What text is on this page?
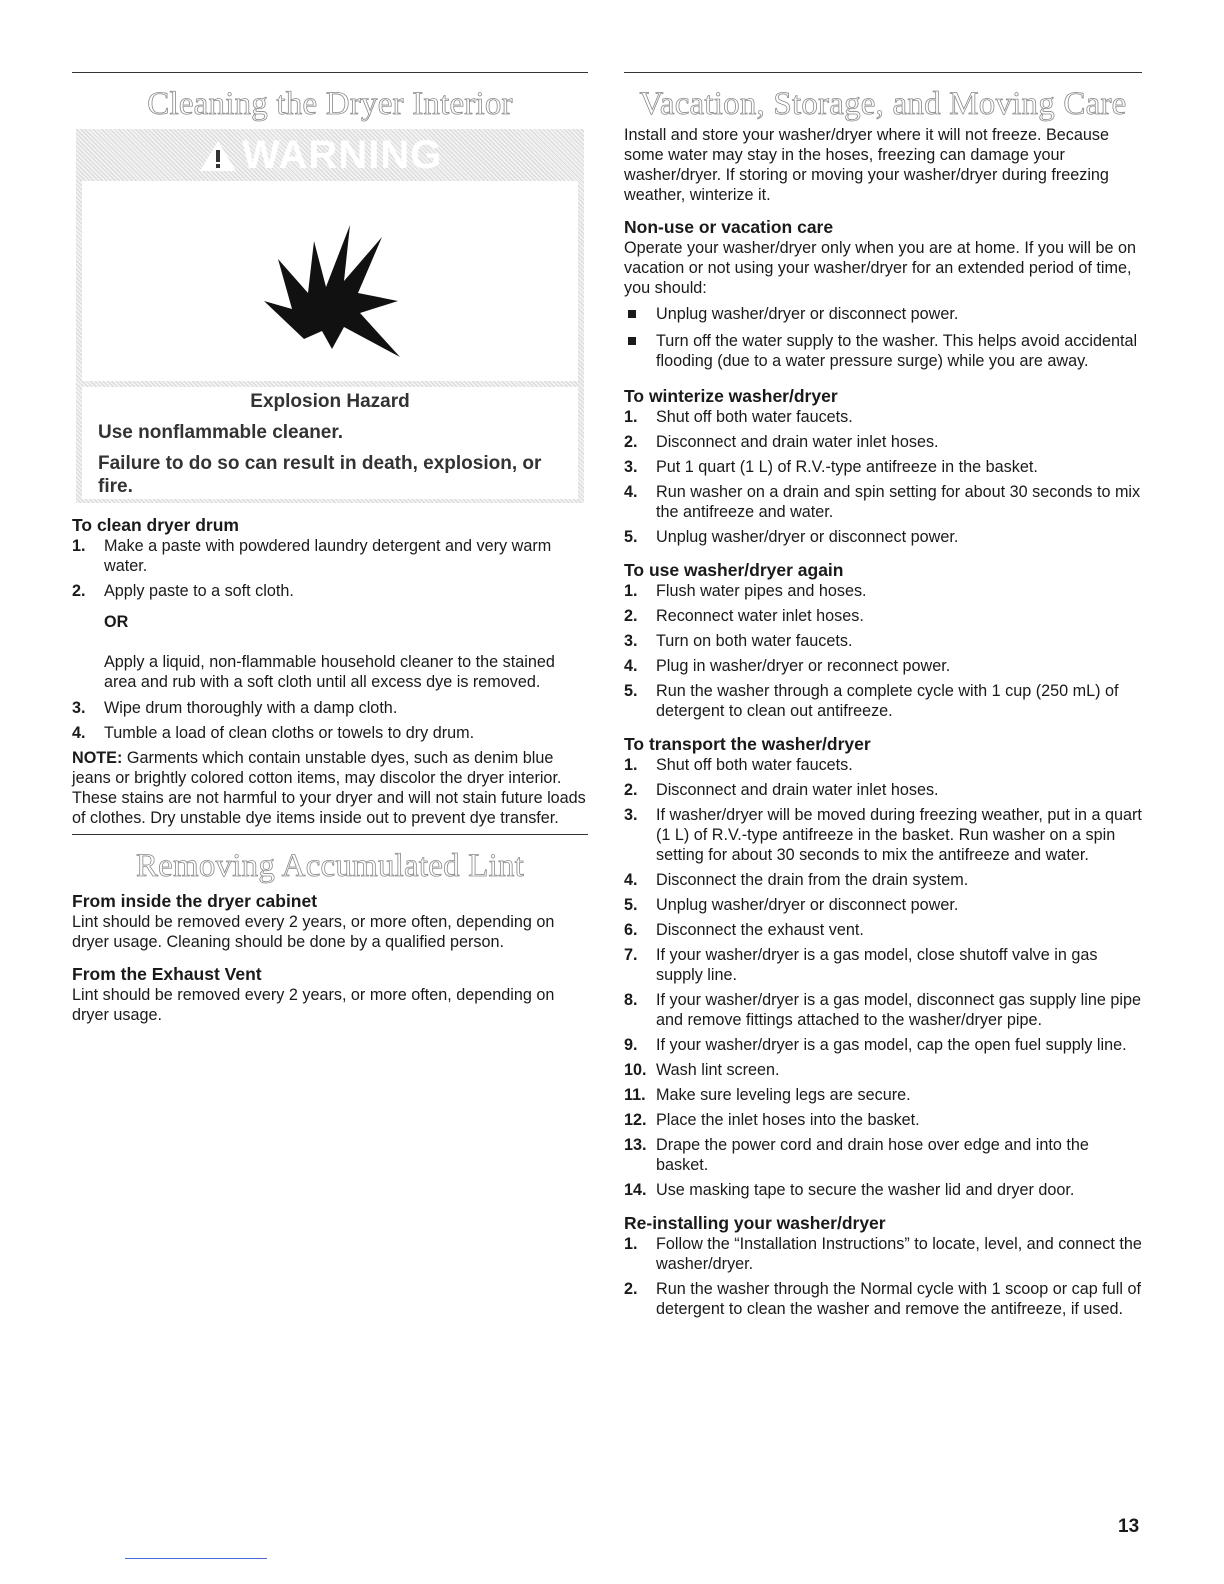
Cleaning the Dryer Interior
WARNING
Explosion Hazard
Use nonflammable cleaner.
Failure to do so can result in death, explosion, or fire.
To clean dryer drum
1.	Make a paste with powdered laundry detergent and very warm water.
2.	Apply paste to a soft cloth.
OR

Apply a liquid, non-flammable household cleaner to the stained area and rub with a soft cloth until all excess dye is removed.

3.	Wipe drum thoroughly with a damp cloth.
4.	Tumble a load of clean cloths or towels to dry drum.

NOTE: Garments which contain unstable dyes, such as denim blue jeans or brightly colored cotton items, may discolor the dryer interior. These stains are not harmful to your dryer and will not stain future loads of clothes. Dry unstable dye items inside out to prevent dye transfer.

Removing Accumulated Lint
From inside the dryer cabinet

Lint should be removed every 2 years, or more often, depending on dryer usage. Cleaning should be done by a qualified person.

From the Exhaust Vent

Lint should be removed every 2 years, or more often, depending on dryer usage.

Vacation, Storage, and Moving Care

Install and store your washer/dryer where it will not freeze. Because some water may stay in the hoses, freezing can damage your washer/dryer. If storing or moving your washer/dryer during freezing weather, winterize it.

Non-use or vacation care

Operate your washer/dryer only when you are at home. If you will be on vacation or not using your washer/dryer for an extended period of time, you should:

Unplug washer/dryer or disconnect power.
Turn off the water supply to the washer. This helps avoid accidental flooding (due to a water pressure surge) while you are away.
To winterize washer/dryer
1.	Shut off both water faucets.
2.	Disconnect and drain water inlet hoses.
3.	Put 1 quart (1 L) of R.V.-type antifreeze in the basket.
4.	Run washer on a drain and spin setting for about 30 seconds to mix the antifreeze and water.
5.	Unplug washer/dryer or disconnect power.
To use washer/dryer again
1.	Flush water pipes and hoses.
2.	Reconnect water inlet hoses.
3.	Turn on both water faucets.
4.	Plug in washer/dryer or reconnect power.
5.	Run the washer through a complete cycle with 1 cup (250 mL) of detergent to clean out antifreeze.
To transport the washer/dryer
1.	Shut off both water faucets.
2.	Disconnect and drain water inlet hoses.
3.	If washer/dryer will be moved during freezing weather, put in a quart (1 L) of R.V.-type antifreeze in the basket. Run washer on a spin setting for about 30 seconds to mix the antifreeze and water.
4.	Disconnect the drain from the drain system.
5.	Unplug washer/dryer or disconnect power.
6.	Disconnect the exhaust vent.
7.	If your washer/dryer is a gas model, close shutoff valve in gas supply line.
8.	If your washer/dryer is a gas model, disconnect gas supply line pipe and remove fittings attached to the washer/dryer pipe.
9.	If your washer/dryer is a gas model, cap the open fuel supply line.
10. Wash lint screen.
11. Make sure leveling legs are secure.
12. Place the inlet hoses into the basket.
13. Drape the power cord and drain hose over edge and into the basket.
14. Use masking tape to secure the washer lid and dryer door.
Re-installing your washer/dryer
1.	Follow the “Installation Instructions” to locate, level, and connect the washer/dryer.
2.	Run the washer through the Normal cycle with 1 scoop or cap full of detergent to clean the washer and remove the antifreeze, if used.
13
